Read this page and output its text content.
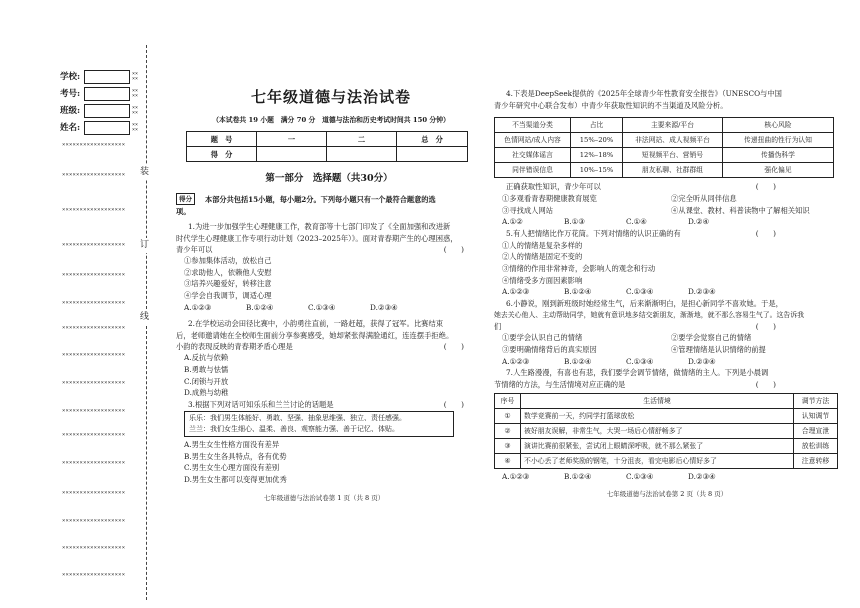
学校:	××
××
考号:	××
××
班级:	××
××
姓名:	××
××
××××××××××××××××××
××××××××××××××××××
××××××××××××××××××
××××××××××××××××××
××××××××××××××××××
××××××××××××××××××
××××××××××××××××××
××××××××××××××××××
××××××××××××××××××
××××××××××××××××××
××××××××××××××××××
××××××××××××××××××
××××××××××××××××××
××××××××××××××××××
××××××××××××××××××
××××××××××××××××××
装
订
线
七年级道德与法治试卷
（本试卷共 19 小题　满分 70 分　道德与法治和历史考试时间共 150 分钟）
题　号	一	二	总　分
得　分			
第一部分　选择题（共30分）
得分	本部分共包括15小题，每小题2分。下列每小题只有一个最符合题意的选
项。
1.为进一步加强学生心理健康工作，教育部等十七部门印发了《全面加强和改进新
时代学生心理健康工作专项行动计划（2023–2025年）》。面对青春期产生的心理困惑，
青少年可以	(　　)
①参加集体活动，放松自己
②求助他人，依赖他人安慰
③培养兴趣爱好，转移注意
④学会自我调节，调适心理
A.①②③	B.①②④	C.①③④	D.②③④
2.在学校运动会田径比赛中，小韵勇往直前，一路赶超，获得了冠军。比赛结束
后，老师邀请她在全校师生面前分享参赛感受，她却紧张得满脸通红，连连摆手拒绝。
小韵的表现反映的青春期矛盾心理是	(　　)
A.反抗与依赖
B.勇敢与怯懦
C.闭锁与开放
D.成熟与幼稚
3.根据下列对话可知乐乐和兰兰讨论的话题是	(　　)
乐乐：我们男生体能好、勇敢、坚强、抽象思维强、独立、责任感强。
兰兰：我们女生细心、温柔、善良、观察能力强、善于记忆、体贴。
A.男生女生性格方面没有差异
B.男生女生各具特点，各有优势
C.男生女生心理方面没有差别
D.男生女生都可以变得更加优秀
七年级道德与法治试卷第 1 页（共 8 页）
4.下表是DeepSeek提供的《2025年全球青少年性教育安全报告》（UNESCO与中国
青少年研究中心联合发布）中青少年获取性知识的不当渠道及风险分析。
不当渠道分类	占比	主要来源/平台	核心风险
色情网站/成人内容	15%–20%	非法网站、成人视频平台	传递扭曲的性行为认知
社交媒体谣言	12%–18%	短视频平台、营销号	传播伪科学
同伴错误信息	10%–15%	朋友私聊、社群群组	强化偏见
正确获取性知识，青少年可以	(　　)
①多观看青春期健康教育展览	②完全听从同伴信息
③寻找成人网站	④从课堂、教材、科普读物中了解相关知识
A.①②	B.①③	C.①④	D.②④
5.有人把情绪比作万花筒。下列对情绪的认识正确的有	(　　)
①人的情绪是复杂多样的
②人的情绪是固定不变的
③情绪的作用非常神奇，会影响人的观念和行动
④情绪受多方面因素影响
A.①②③	B.①②④	C.①③④	D.②③④
6.小静说，刚到新班级时她经常生气，后来渐渐明白，是担心新同学不喜欢她。于是，
她去关心他人、主动帮助同学，她就有意识地多结交新朋友，渐渐地，就不那么容易生气了。这告诉我
们	(　　)
①要学会认识自己的情绪	②要学会觉察自己的情绪
③要明确情绪背后的真实原因	④管理情绪是认识情绪的前提
A.①②③	B.①②④	C.①③④	D.②③④
7.人生路漫漫，有喜也有悲，我们要学会调节情绪，做情绪的主人。下列是小晨调
节情绪的方法，与生活情境对应正确的是	(　　)
序号	生活情境	调节方法
①	数学竞赛前一天，约同学打篮球放松	认知调节
②	被好朋友误解，非常生气，大哭一场后心情舒畅多了	合理宣泄
③	演讲比赛前很紧张，尝试闭上眼睛深呼吸，就不那么紧张了	放松训练
④	不小心丢了老师奖励的钢笔，十分沮丧，看完电影后心情好多了	注意转移
A.①②③	B.①②④	C.①③④	D.②③④
七年级道德与法治试卷第 2 页（共 8 页）
